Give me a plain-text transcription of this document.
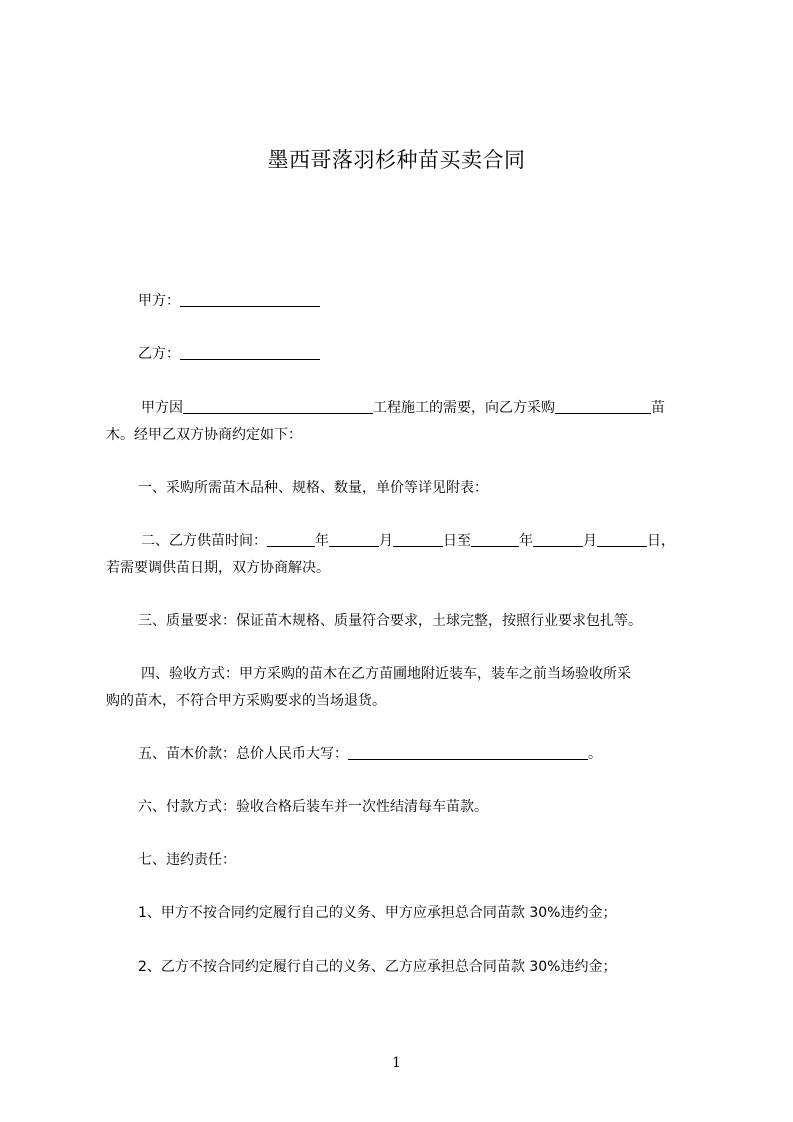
墨西哥落羽杉种苗买卖合同
甲方：
乙方：
甲方因	工程施工的需要，向乙方采购	苗
木。经甲乙双方协商约定如下：
一、采购所需苗木品种、规格、数量，单价等详见附表：
二、乙方供苗时间：	年	月	日至	年	月	日，
若需要调供苗日期，双方协商解决。
三、质量要求：保证苗木规格、质量符合要求，土球完整，按照行业要求包扎等。
四、验收方式：甲方采购的苗木在乙方苗圃地附近装车，装车之前当场验收所采
购的苗木，不符合甲方采购要求的当场退货。
五、苗木价款：总价人民币大写：	。
六、付款方式：验收合格后装车并一次性结清每车苗款。
七、违约责任：
1、甲方不按合同约定履行自己的义务、甲方应承担总合同苗款 30%违约金；
2、乙方不按合同约定履行自己的义务、乙方应承担总合同苗款 30%违约金；
1
